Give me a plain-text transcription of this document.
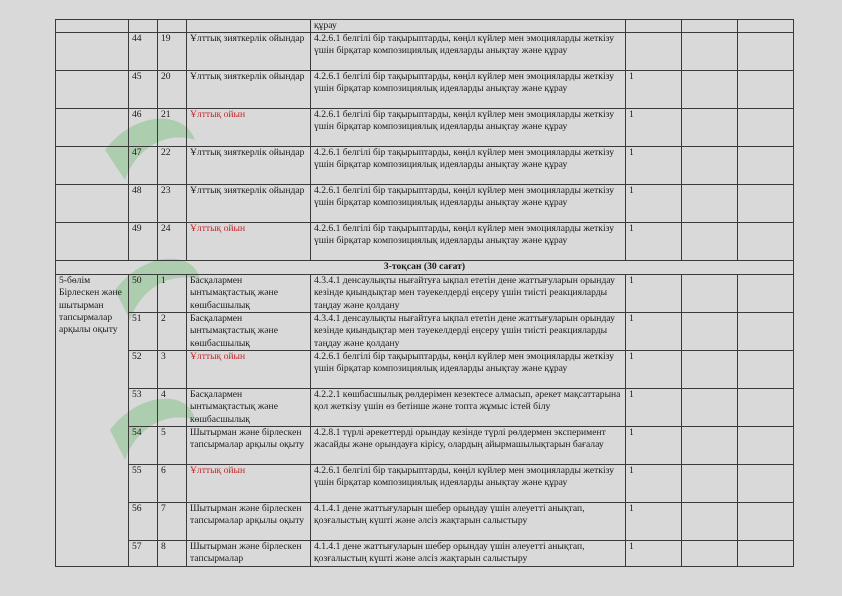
				құрау			
	44	19	Ұлттық зияткерлік ойындар	4.2.6.1 белгілі бір тақырыптарды, көңіл күйлер мен эмоцияларды жеткізу үшін бірқатар композициялық идеяларды анықтау және құрау			
	45	20	Ұлттық зияткерлік ойындар	4.2.6.1 белгілі бір тақырыптарды, көңіл күйлер мен эмоцияларды жеткізу үшін бірқатар композициялық идеяларды анықтау және құрау	1		
	46	21	Ұлттық ойын	4.2.6.1 белгілі бір тақырыптарды, көңіл күйлер мен эмоцияларды жеткізу үшін бірқатар композициялық идеяларды анықтау және құрау	1		
	47	22	Ұлттық зияткерлік ойындар	4.2.6.1 белгілі бір тақырыптарды, көңіл күйлер мен эмоцияларды жеткізу үшін бірқатар композициялық идеяларды анықтау және құрау	1		
	48	23	Ұлттық зияткерлік ойындар	4.2.6.1 белгілі бір тақырыптарды, көңіл күйлер мен эмоцияларды жеткізу үшін бірқатар композициялық идеяларды анықтау және құрау	1		
	49	24	Ұлттық ойын	4.2.6.1 белгілі бір тақырыптарды, көңіл күйлер мен эмоцияларды жеткізу үшін бірқатар композициялық идеяларды анықтау және құрау	1		
3-тоқсан (30 сағат)							
5-бөлім Бірлескен және шытырман тапсырмалар арқылы оқыту	50	1	Басқалармен ынтымақтастық және көшбасшылық	4.3.4.1 денсаулықты нығайтуға ықпал ететін дене жаттығуларын орындау кезінде қиындықтар мен тәуекелдерді еңсеру үшін тиісті реакцияларды таңдау және қолдану	1		
	51	2	Басқалармен ынтымақтастық және көшбасшылық	4.3.4.1 денсаулықты нығайтуға ықпал ететін дене жаттығуларын орындау кезінде қиындықтар мен тәуекелдерді еңсеру үшін тиісті реакцияларды таңдау және қолдану	1		
	52	3	Ұлттық ойын	4.2.6.1 белгілі бір тақырыптарды, көңіл күйлер мен эмоцияларды жеткізу үшін бірқатар композициялық идеяларды анықтау және құрау	1		
	53	4	Басқалармен ынтымақтастық және көшбасшылық	4.2.2.1 көшбасшылық рөлдерімен кезектесе алмасып, әрекет мақсаттарына қол жеткізу үшін өз бетінше және топта жұмыс істей білу	1		
	54	5	Шытырман және бірлескен тапсырмалар арқылы оқыту	4.2.8.1 түрлі әрекеттерді орындау кезінде түрлі рөлдермен эксперимент жасайды және орындауға кірісу, олардың айырмашылықтарын бағалау	1		
	55	6	Ұлттық ойын	4.2.6.1 белгілі бір тақырыптарды, көңіл күйлер мен эмоцияларды жеткізу үшін бірқатар композициялық идеяларды анықтау және құрау	1		
	56	7	Шытырман және бірлескен тапсырмалар арқылы оқыту	4.1.4.1 дене жаттығуларын шебер орындау үшін әлеуетті анықтап, қозғалыстың күшті және әлсіз жақтарын салыстыру	1		
	57	8	Шытырман және бірлескен тапсырмалар	4.1.4.1 дене жаттығуларын шебер орындау үшін әлеуетті анықтап, қозғалыстың күшті және әлсіз жақтарын салыстыру	1		
